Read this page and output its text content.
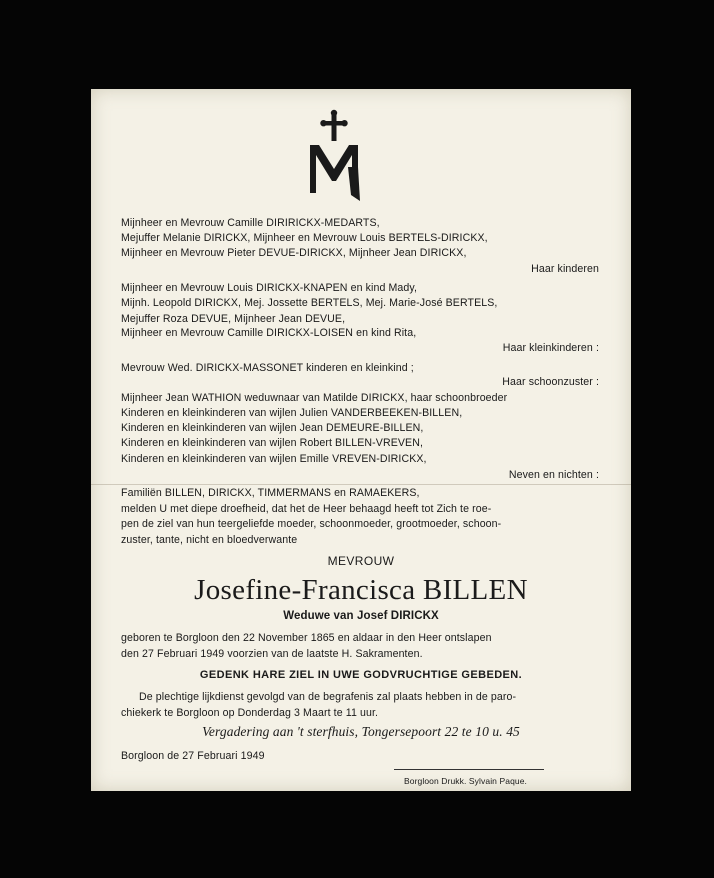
Mijnheer en Mevrouw Camille DIRIRICKX-MEDARTS,
Mejuffer Melanie DIRICKX, Mijnheer en Mevrouw Louis BERTELS-DIRICKX,
Mijnheer en Mevrouw Pieter DEVUE-DIRICKX, Mijnheer Jean DIRICKX,
Haar kinderen
Mijnheer en Mevrouw Louis DIRICKX-KNAPEN en kind Mady,
Mijnh. Leopold DIRICKX, Mej. Jossette BERTELS, Mej. Marie-José BERTELS,
Mejuffer Roza DEVUE, Mijnheer Jean DEVUE,
Mijnheer en Mevrouw Camille DIRICKX-LOISEN en kind Rita,
Haar kleinkinderen :
Mevrouw Wed. DIRICKX-MASSONET kinderen en kleinkind ;
Haar schoonzuster :
Mijnheer Jean WATHION weduwnaar van Matilde DIRICKX, haar schoonbroeder
Kinderen en kleinkinderen van wijlen Julien VANDERBEEKEN-BILLEN,
Kinderen en kleinkinderen van wijlen Jean DEMEURE-BILLEN,
Kinderen en kleinkinderen van wijlen Robert BILLEN-VREVEN,
Kinderen en kleinkinderen van wijlen Emille VREVEN-DIRICKX,
Neven en nichten :
Familiën BILLEN, DIRICKX, TIMMERMANS en RAMAEKERS,
melden U met diepe droefheid, dat het de Heer behaagd heeft tot Zich te roe-
pen de ziel van hun teergeliefde moeder, schoonmoeder, grootmoeder, schoon-
zuster, tante, nicht en bloedverwante
MEVROUW
Josefine-Francisca BILLEN
Weduwe van Josef DIRICKX
geboren te Borgloon den 22 November 1865 en aldaar in den Heer ontslapen
den 27 Februari 1949 voorzien van de laatste H. Sakramenten.
GEDENK HARE ZIEL IN UWE GODVRUCHTIGE GEBEDEN.
De plechtige lijkdienst gevolgd van de begrafenis zal plaats hebben in de paro-
chiekerk te Borgloon op Donderdag 3 Maart te 11 uur.
Vergadering aan 't sterfhuis, Tongersepoort 22 te 10 u. 45
Borgloon de 27 Februari 1949
Borgloon Drukk. Sylvain Paque.
